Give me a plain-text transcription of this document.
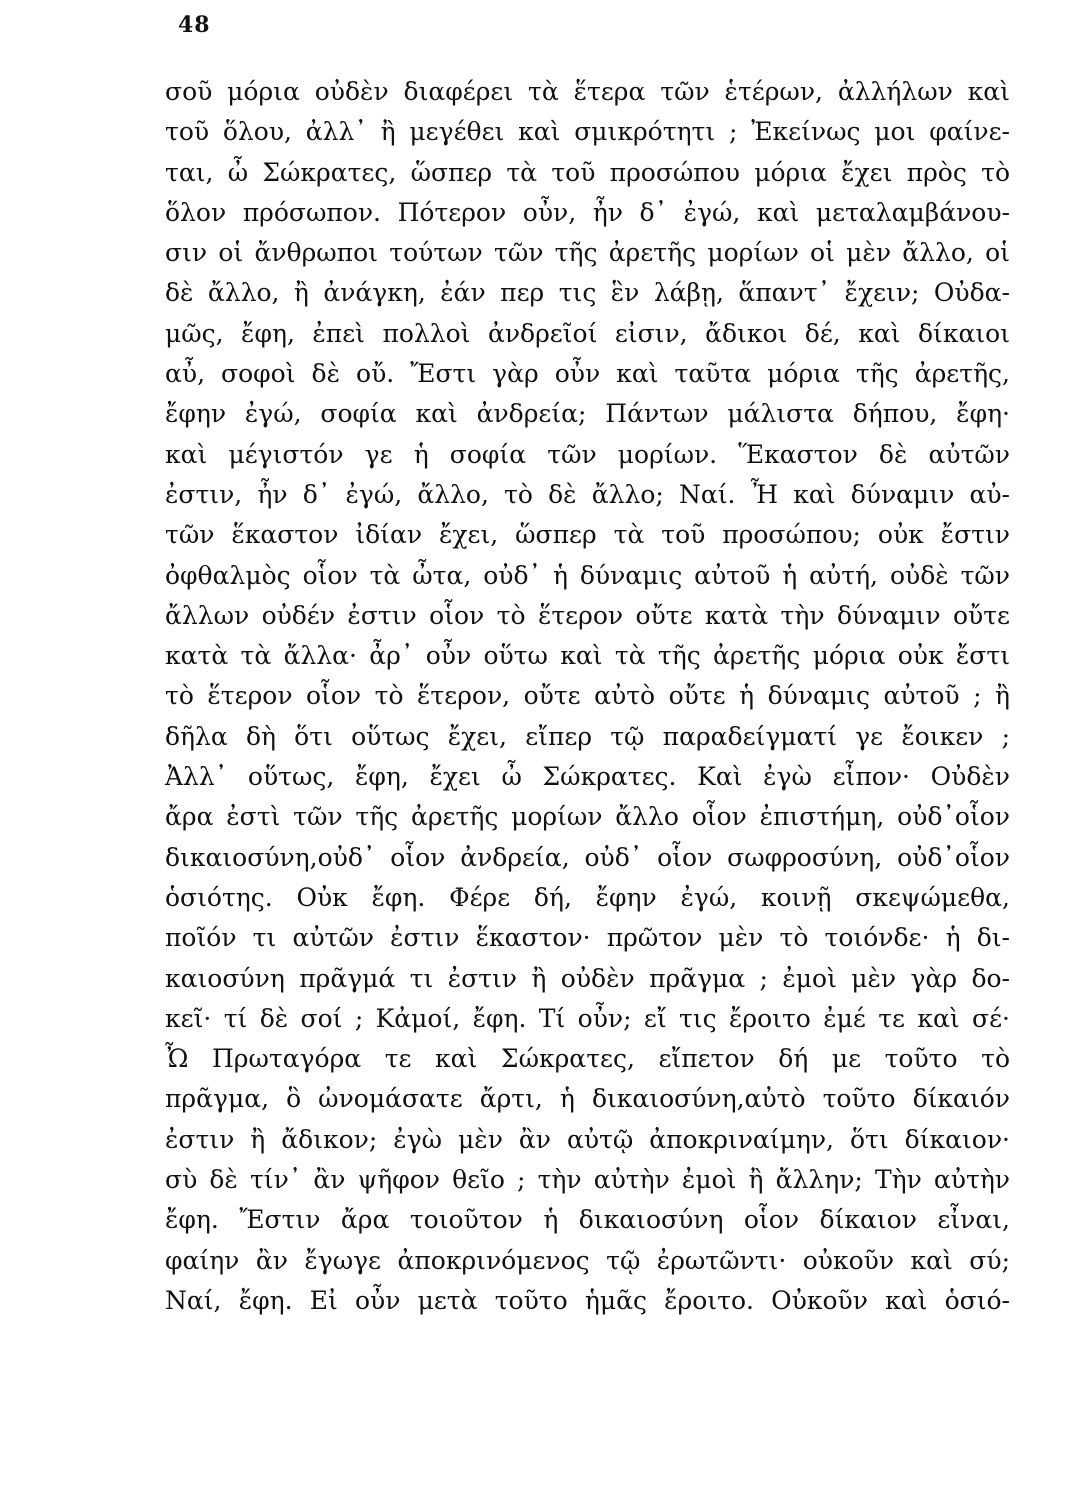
48
σοῦ μόρια οὐδὲν διαφέρει τὰ ἕτερα τῶν ἑτέρων, ἀλλήλων καὶ
τοῦ ὅλου, ἀλλ᾽ ἢ μεγέθει καὶ σμικρότητι ; Ἐκείνως μοι φαίνε-
ται, ὦ Σώκρατες, ὥσπερ τὰ τοῦ προσώπου μόρια ἔχει πρὸς τὸ
ὅλον πρόσωπον. Πότερον οὖν, ἦν δ᾽ ἐγώ, καὶ μεταλαμβάνου-
σιν οἱ ἄνθρωποι τούτων τῶν τῆς ἀρετῆς μορίων οἱ μὲν ἄλλο, οἱ
δὲ ἄλλο, ἢ ἀνάγκη, ἐάν περ τις ἓν λάβῃ, ἅπαντ᾽ ἔχειν; Οὐδα-
μῶς, ἔφη, ἐπεὶ πολλοὶ ἀνδρεῖοί εἰσιν, ἄδικοι δέ, καὶ δίκαιοι
αὖ, σοφοὶ δὲ οὔ. Ἔστι γὰρ οὖν καὶ ταῦτα μόρια τῆς ἀρετῆς,
ἔφην ἐγώ, σοφία καὶ ἀνδρεία; Πάντων μάλιστα δήπου, ἔφη·
καὶ μέγιστόν γε ἡ σοφία τῶν μορίων. Ἕκαστον δὲ αὐτῶν
ἐστιν, ἦν δ᾽ ἐγώ, ἄλλο, τὸ δὲ ἄλλο; Ναί. Ἦ καὶ δύναμιν αὐ-
τῶν ἕκαστον ἰδίαν ἔχει, ὥσπερ τὰ τοῦ προσώπου; οὐκ ἔστιν
ὀφθαλμὸς οἷον τὰ ὦτα, οὐδ᾽ ἡ δύναμις αὐτοῦ ἡ αὐτή, οὐδὲ τῶν
ἄλλων οὐδέν ἐστιν οἷον τὸ ἕτερον οὔτε κατὰ τὴν δύναμιν οὔτε
κατὰ τὰ ἄλλα· ἆρ᾽ οὖν οὕτω καὶ τὰ τῆς ἀρετῆς μόρια οὐκ ἔστι
τὸ ἕτερον οἷον τὸ ἕτερον, οὔτε αὐτὸ οὔτε ἡ δύναμις αὐτοῦ ; ἢ
δῆλα δὴ ὅτι οὕτως ἔχει, εἴπερ τῷ παραδείγματί γε ἔοικεν ;
Ἀλλ᾽ οὕτως, ἔφη, ἔχει ὦ Σώκρατες. Καὶ ἐγὼ εἶπον· Οὐδὲν
ἄρα ἐστὶ τῶν τῆς ἀρετῆς μορίων ἄλλο οἷον ἐπιστήμη, οὐδ᾽οἷον
δικαιοσύνη,οὐδ᾽ οἷον ἀνδρεία, οὐδ᾽ οἷον σωφροσύνη, οὐδ᾽οἷον
ὁσιότης. Οὐκ ἔφη. Φέρε δή, ἔφην ἐγώ, κοινῇ σκεψώμεθα,
ποῖόν τι αὐτῶν ἐστιν ἕκαστον· πρῶτον μὲν τὸ τοιόνδε· ἡ δι-
καιοσύνη πρᾶγμά τι ἐστιν ἢ οὐδὲν πρᾶγμα ; ἐμοὶ μὲν γὰρ δο-
κεῖ· τί δὲ σοί ; Κἀμοί, ἔφη. Τί οὖν; εἴ τις ἔροιτο ἐμέ τε καὶ σέ·
Ὦ Πρωταγόρα τε καὶ Σώκρατες, εἴπετον δή με τοῦτο τὸ
πρᾶγμα, ὃ ὠνομάσατε ἄρτι, ἡ δικαιοσύνη,αὐτὸ τοῦτο δίκαιόν
ἐστιν ἢ ἄδικον; ἐγὼ μὲν ἂν αὐτῷ ἀποκριναίμην, ὅτι δίκαιον·
σὺ δὲ τίν᾽ ἂν ψῆφον θεῖο ; τὴν αὐτὴν ἐμοὶ ἢ ἄλλην; Τὴν αὐτὴν
ἔφη. Ἔστιν ἄρα τοιοῦτον ἡ δικαιοσύνη οἷον δίκαιον εἶναι,
φαίην ἂν ἔγωγε ἀποκρινόμενος τῷ ἐρωτῶντι· οὐκοῦν καὶ σύ;
Ναί, ἔφη. Εἰ οὖν μετὰ τοῦτο ἡμᾶς ἔροιτο. Οὐκοῦν καὶ ὁσιό-
